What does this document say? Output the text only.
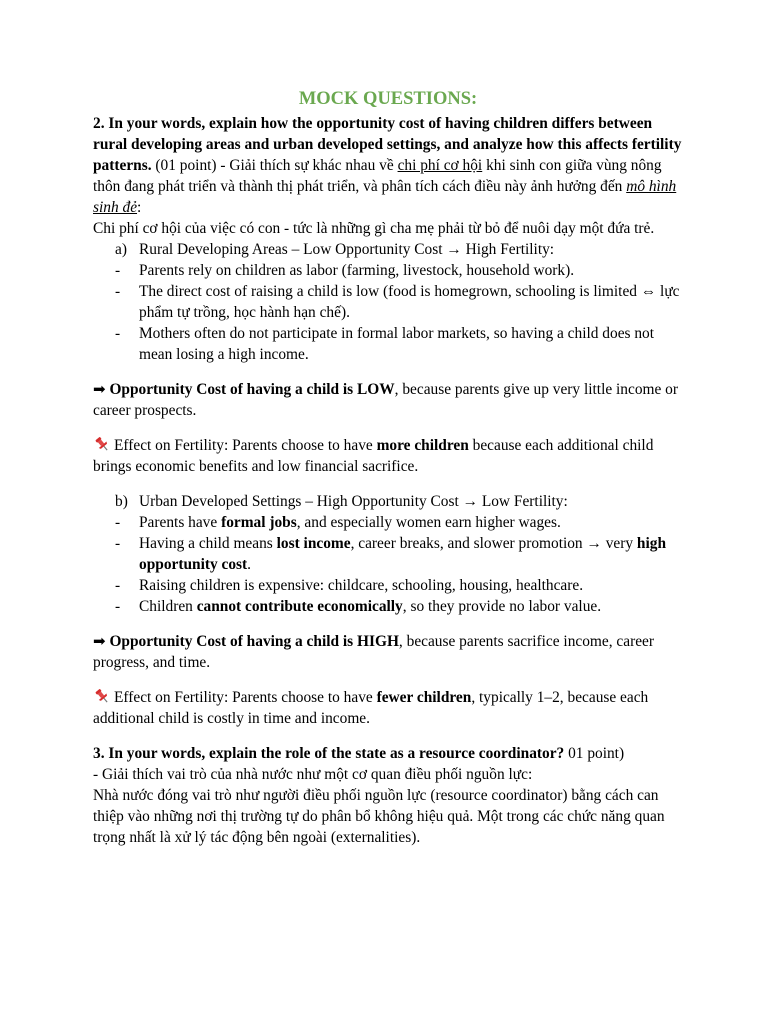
MOCK QUESTIONS:

2. In your words, explain how the opportunity cost of having children differs between rural developing areas and urban developed settings, and analyze how this affects fertility patterns. (01 point) - Giải thích sự khác nhau về chi phí cơ hội khi sinh con giữa vùng nông thôn đang phát triển và thành thị phát triển, và phân tích cách điều này ảnh hưởng đến mô hình sinh đẻ:

Chi phí cơ hội của việc có con - tức là những gì cha mẹ phải từ bỏ để nuôi dạy một đứa trẻ.

a) Rural Developing Areas – Low Opportunity Cost → High Fertility:
- Parents rely on children as labor (farming, livestock, household work).
- The direct cost of raising a child is low (food is homegrown, schooling is limited ⇔ lực phẩm tự trồng, học hành hạn chế).
- Mothers often do not participate in formal labor markets, so having a child does not mean losing a high income.

➡ Opportunity Cost of having a child is LOW, because parents give up very little income or career prospects.

Effect on Fertility: Parents choose to have more children because each additional child brings economic benefits and low financial sacrifice.

b) Urban Developed Settings – High Opportunity Cost → Low Fertility:
- Parents have formal jobs, and especially women earn higher wages.
- Having a child means lost income, career breaks, and slower promotion → very high opportunity cost.
- Raising children is expensive: childcare, schooling, housing, healthcare.
- Children cannot contribute economically, so they provide no labor value.

➡ Opportunity Cost of having a child is HIGH, because parents sacrifice income, career progress, and time.

Effect on Fertility: Parents choose to have fewer children, typically 1–2, because each additional child is costly in time and income.

3. In your words, explain the role of the state as a resource coordinator? 01 point)

- Giải thích vai trò của nhà nước như một cơ quan điều phối nguồn lực:

Nhà nước đóng vai trò như người điều phối nguồn lực (resource coordinator) bằng cách can thiệp vào những nơi thị trường tự do phân bổ không hiệu quả. Một trong các chức năng quan trọng nhất là xử lý tác động bên ngoài (externalities).
